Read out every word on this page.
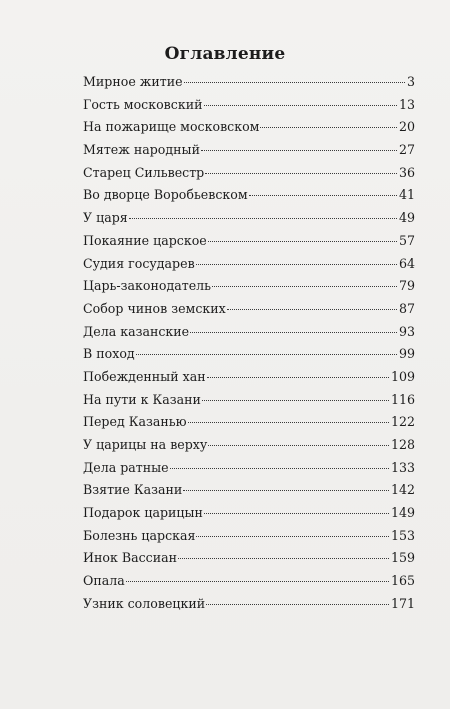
Оглавление
Мирное житие	3
Гость московский	13
На пожарище московском	20
Мятеж народный	27
Старец Сильвестр	36
Во дворце Воробьевском	41
У царя	49
Покаяние царское	57
Судия государев	64
Царь-законодатель	79
Собор чинов земских	87
Дела казанские	93
В поход	99
Побежденный хан	109
На пути к Казани	116
Перед Казанью	122
У царицы на верху	128
Дела ратные	133
Взятие Казани	142
Подарок царицын	149
Болезнь царская	153
Инок Вассиан	159
Опала	165
Узник соловецкий	171
